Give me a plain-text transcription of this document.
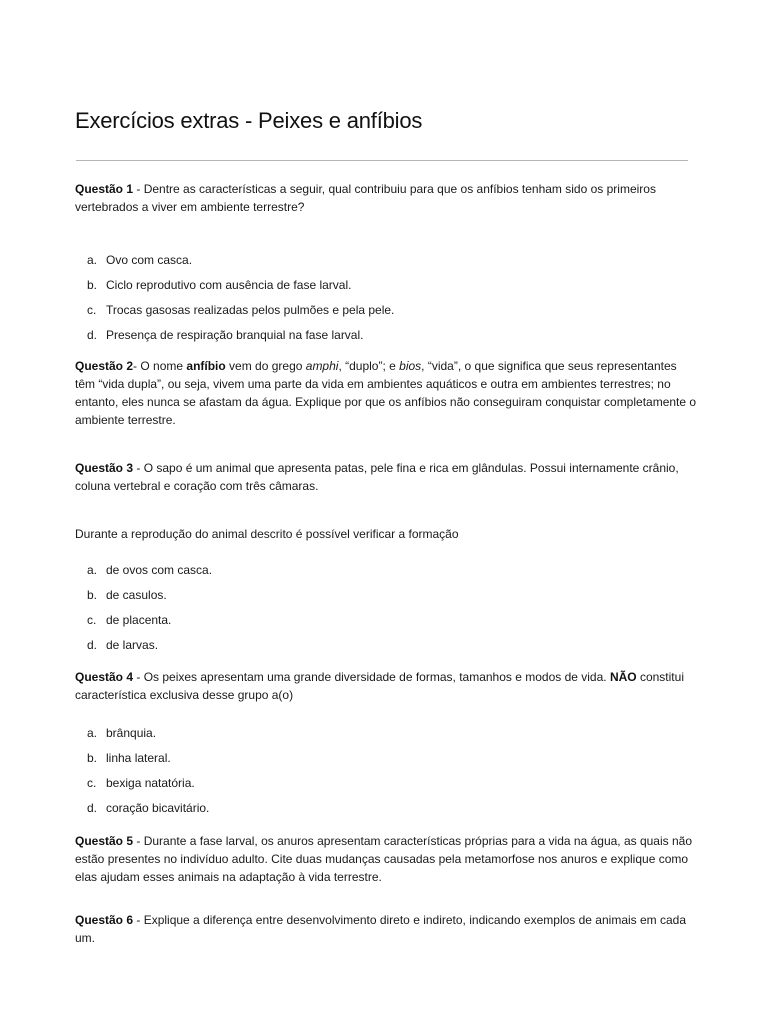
Exercícios extras - Peixes e anfíbios

Questão 1 - Dentre as características a seguir, qual contribuiu para que os anfíbios tenham sido os primeiros vertebrados a viver em ambiente terrestre?

a. Ovo com casca.
b. Ciclo reprodutivo com ausência de fase larval.
c. Trocas gasosas realizadas pelos pulmões e pela pele.
d. Presença de respiração branquial na fase larval.

Questão 2- O nome anfíbio vem do grego amphi, “duplo”; e bios, “vida”, o que significa que seus representantes têm “vida dupla”, ou seja, vivem uma parte da vida em ambientes aquáticos e outra em ambientes terrestres; no entanto, eles nunca se afastam da água. Explique por que os anfíbios não conseguiram conquistar completamente o ambiente terrestre.

Questão 3 - O sapo é um animal que apresenta patas, pele fina e rica em glândulas. Possui internamente crânio, coluna vertebral e coração com três câmaras.

Durante a reprodução do animal descrito é possível verificar a formação

a. de ovos com casca.
b. de casulos.
c. de placenta.
d. de larvas.

Questão 4 - Os peixes apresentam uma grande diversidade de formas, tamanhos e modos de vida. NÃO constitui característica exclusiva desse grupo a(o)

a. brânquia.
b. linha lateral.
c. bexiga natatória.
d. coração bicavitário.

Questão 5 - Durante a fase larval, os anuros apresentam características próprias para a vida na água, as quais não estão presentes no indivíduo adulto. Cite duas mudanças causadas pela metamorfose nos anuros e explique como elas ajudam esses animais na adaptação à vida terrestre.

Questão 6 - Explique a diferença entre desenvolvimento direto e indireto, indicando exemplos de animais em cada um.
